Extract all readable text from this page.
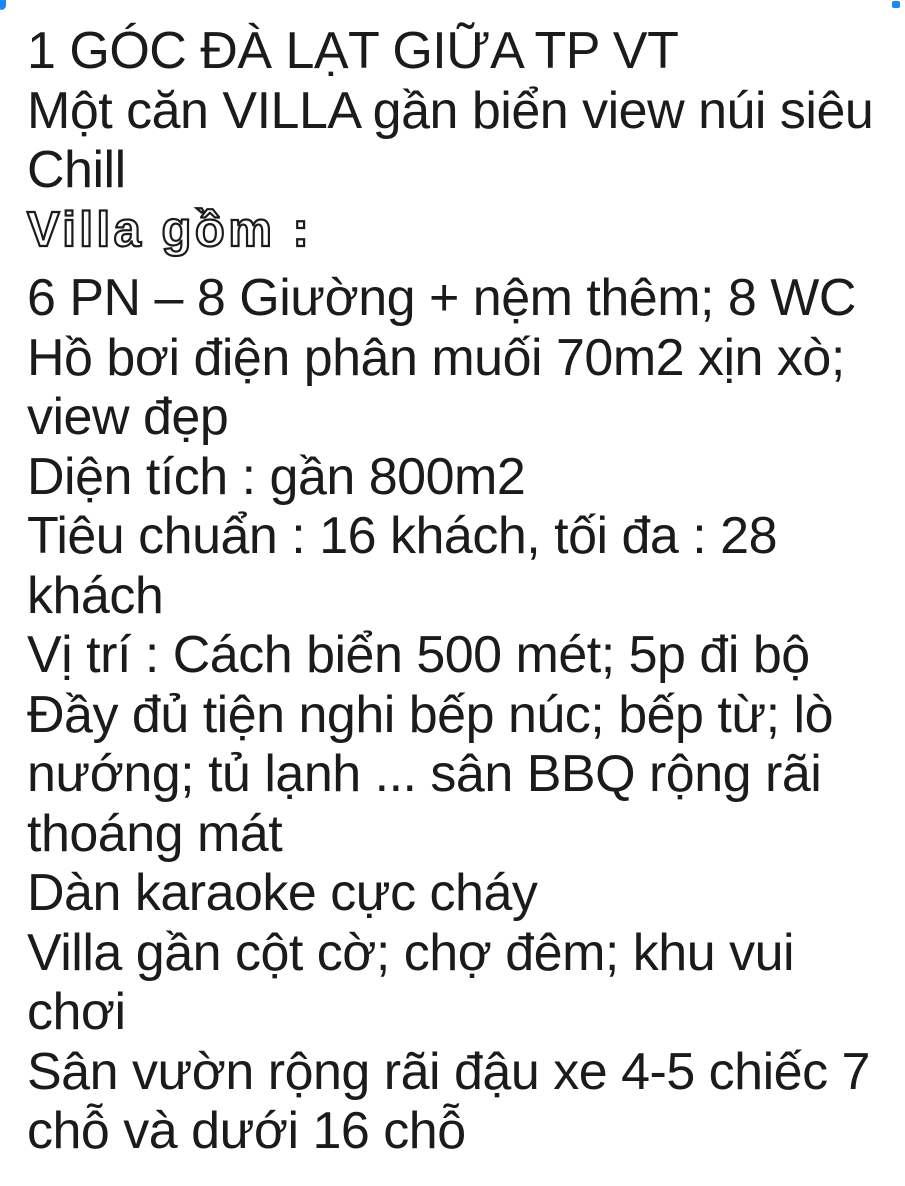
1 GÓC ĐÀ LẠT GIỮA TP VT
Một căn VILLA gần biển view núi siêu
Chill
Villa gồm :
6 PN – 8 Giường + nệm thêm; 8 WC
Hồ bơi điện phân muối 70m2 xịn xò;
view đẹp
Diện tích : gần 800m2
Tiêu chuẩn : 16 khách, tối đa : 28
khách
Vị trí : Cách biển 500 mét; 5p đi bộ
Đầy đủ tiện nghi bếp núc; bếp từ; lò
nướng; tủ lạnh ... sân BBQ rộng rãi
thoáng mát
Dàn karaoke cực cháy
Villa gần cột cờ; chợ đêm; khu vui
chơi
Sân vườn rộng rãi đậu xe 4-5 chiếc 7
chỗ và dưới 16 chỗ
